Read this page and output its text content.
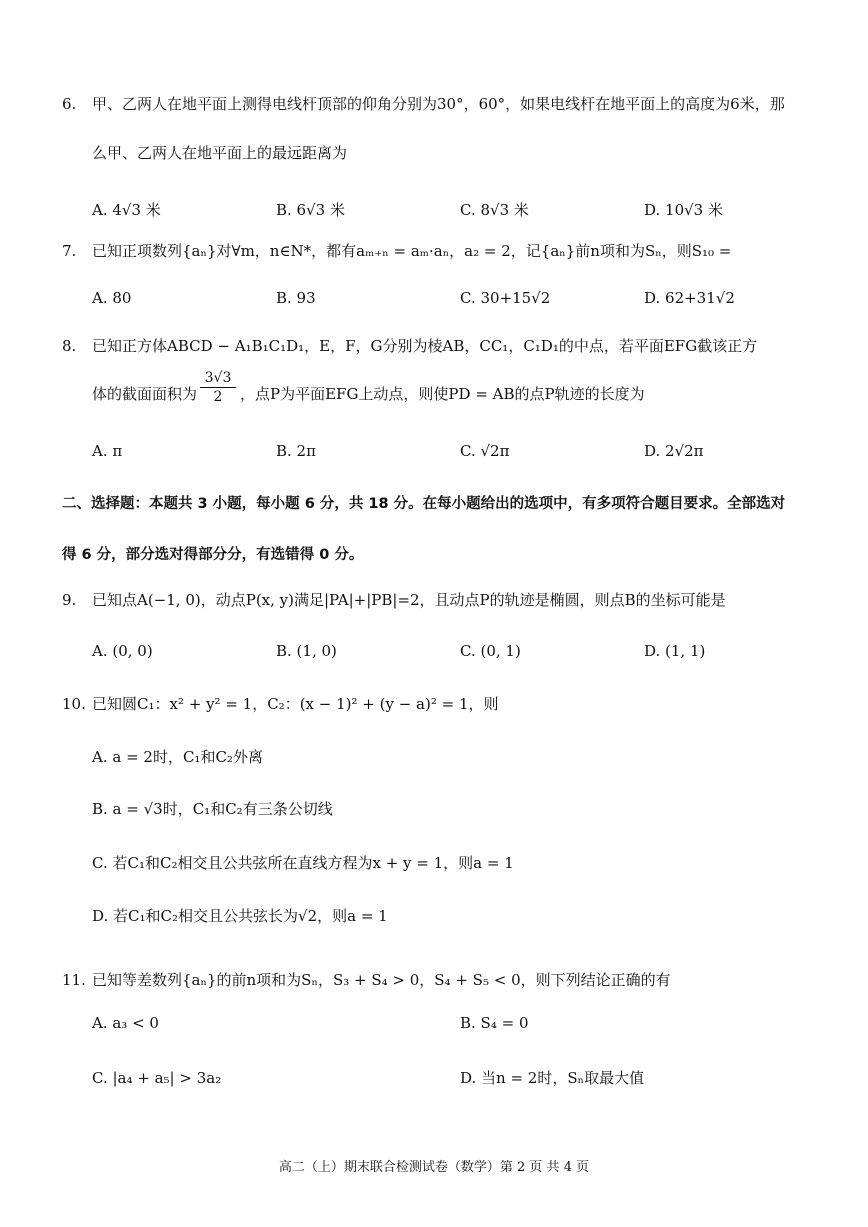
6. 甲、乙两人在地平面上测得电线杆顶部的仰角分别为30°，60°，如果电线杆在地平面上的高度为6米，那
么甲、乙两人在地平面上的最远距离为
A. 4√3 米	B. 6√3 米	C. 8√3 米	D. 10√3 米
7. 已知正项数列{aₙ}对∀m，n∈N*，都有aₘ₊ₙ = aₘ·aₙ，a₂ = 2，记{aₙ}前n项和为Sₙ，则S₁₀ =
A. 80	B. 93	C. 30+15√2	D. 62+31√2
8. 已知正方体ABCD − A₁B₁C₁D₁，E，F，G分别为棱AB，CC₁，C₁D₁的中点，若平面EFG截该正方
体的截面面积为 $\frac{3√3}{2}$ ，点P为平面EFG上动点，则使PD = AB的点P轨迹的长度为
A. π	B. 2π	C. √2π	D. 2√2π
二、选择题：本题共 3 小题，每小题 6 分，共 18 分。在每小题给出的选项中，有多项符合题目要求。全部选对
得 6 分，部分选对得部分分，有选错得 0 分。
9. 已知点A(−1, 0)，动点P(x, y)满足|PA|+|PB|=2，且动点P的轨迹是椭圆，则点B的坐标可能是
A. (0, 0)	B. (1, 0)	C. (0, 1)	D. (1, 1)
10. 已知圆C₁：x² + y² = 1，C₂：(x − 1)² + (y − a)² = 1，则
A. a = 2时，C₁和C₂外离
B. a = √3时，C₁和C₂有三条公切线
C. 若C₁和C₂相交且公共弦所在直线方程为x + y = 1，则a = 1
D. 若C₁和C₂相交且公共弦长为√2，则a = 1
11. 已知等差数列{aₙ}的前n项和为Sₙ，S₃ + S₄ > 0，S₄ + S₅ < 0，则下列结论正确的有
A. a₃ < 0	B. S₄ = 0
C. |a₄ + a₅| > 3a₂	D. 当n = 2时，Sₙ取最大值
高二（上）期末联合检测试卷（数学）第 2 页 共 4 页
